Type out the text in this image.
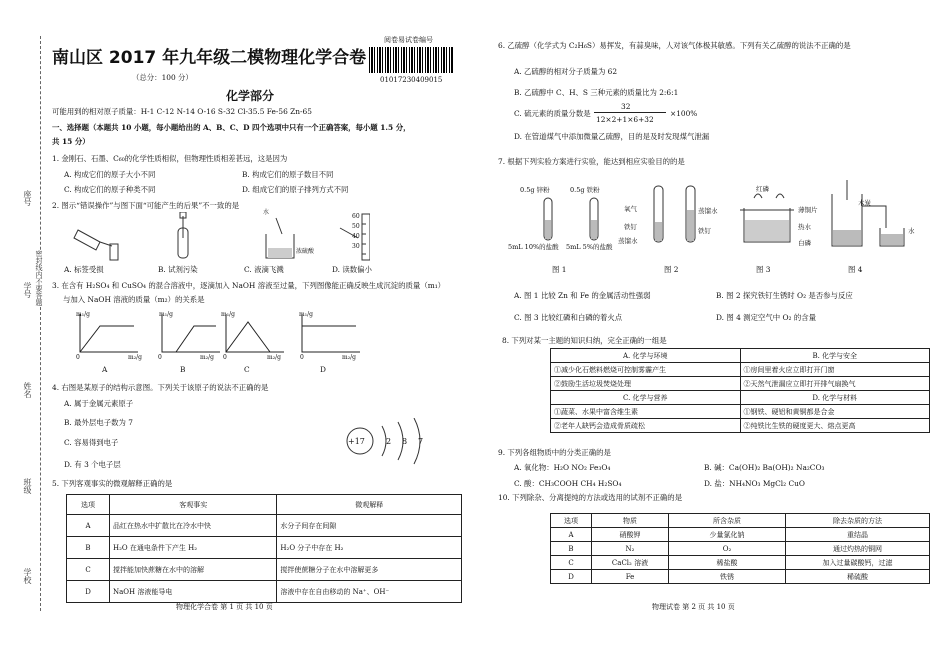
座号
学号
姓名
班级
学校
密封线内不要答题
南山区 2017 年九年级二模物理化学合卷
（总分：100 分）
阅卷易试卷编号
01017230409015
化学部分
可能用到的相对原子质量：H-1 C-12 N-14 O-16 S-32 Cl-35.5 Fe-56 Zn-65
一、选择题（本题共 10 小题，每小题给出的 A、B、C、D 四个选项中只有一个正确答案，每小题 1.5 分，
共 15 分）
1. 金刚石、石墨、C₆₀的化学性质相似，但物理性质相差甚远，这是因为
A. 构成它们的原子大小不同	B. 构成它们的原子数目不同
C. 构成它们的原子种类不同	D. 组成它们的原子排列方式不同
2. 图示“错误操作”与图下面“可能产生的后果”不一致的是
水
浓硫酸
60
50
40
30
A. 标签受损	B. 试剂污染	C. 液滴飞溅	D. 读数偏小
3. 在含有 H₂SO₄ 和 CuSO₄ 的混合溶液中，逐滴加入 NaOH 溶液至过量，下列图像能正确反映生成沉淀的质量（m₁）
与加入 NaOH 溶液的质量（m₂）的关系是
m₁/g	m₁/g	m₁/g	m₁/g
0	0	0	0
m₂/g	m₂/g	m₂/g	m₂/g
A	B	C	D
4. 右图是某原子的结构示意图。下列关于该原子的说法不正确的是
A. 属于金属元素原子
B. 最外层电子数为 7
C. 容易得到电子
D. 有 3 个电子层
+17	2 8 7
5. 下列客观事实的微观解释正确的是
选项	客观事实	微观解释
A	品红在热水中扩散比在冷水中快	水分子间存在间隙
B	H₂O 在通电条件下产生 H₂	H₂O 分子中存在 H₂
C	搅拌能加快蔗糖在水中的溶解	搅拌使蔗糖分子在水中溶解更多
D	NaOH 溶液能导电	溶液中存在自由移动的 Na⁺、OH⁻
物理化学合卷 第 1 页 共 10 页
6. 乙硫醇（化学式为 C₂H₆S）易挥发，有蒜臭味，人对该气体极其敏感。下列有关乙硫醇的说法不正确的是
A. 乙硫醇的相对分子质量为 62
B. 乙硫醇中 C、H、S 三种元素的质量比为 2:6:1
C. 硫元素的质量分数是
32
12×2+1×6+32
×100%
D. 在管道煤气中添加微量乙硫醇，目的是及时发现煤气泄漏
7. 根据下列实验方案进行实验，能达到相应实验目的的是
0.5g 锌粉	0.5g 铁粉
5mL 10%的盐酸 5mL 5%的盐酸
氧气
铁钉
蒸馏水
蒸馏水
铁钉
红磷
薄铜片
热水
白磷
木炭
水
图 1	图 2	图 3	图 4
A. 图 1 比较 Zn 和 Fe 的金属活动性强弱	B. 图 2 探究铁钉生锈时 O₂ 是否参与反应
C. 图 3 比较红磷和白磷的着火点	D. 图 4 测定空气中 O₂ 的含量
8. 下列对某一主题的知识归纳，完全正确的一组是
A. 化学与环境	B. 化学与安全
①减少化石燃料燃烧可控制雾霾产生	①房间里着火应立即打开门窗
②鼓励生活垃圾焚烧处理	②天然气泄漏应立即打开排气扇换气
C. 化学与营养	D. 化学与材料
①蔬菜、水果中富含维生素	①钢铁、硬铝和黄铜都是合金
②老年人缺钙会造成骨质疏松	②纯铁比生铁的硬度更大、熔点更高
9. 下列各组物质中的分类正确的是
A. 氧化物：H₂O NO₂ Fe₃O₄	B. 碱：Ca(OH)₂ Ba(OH)₂ Na₂CO₃
C. 酸：CH₃COOH CH₄ H₂SO₄	D. 盐：NH₄NO₃ MgCl₂ CuO
10. 下列除杂、分离提纯的方法或选用的试剂不正确的是
选项	物质	所含杂质	除去杂质的方法
A	硝酸钾	少量氯化钠	重结晶
B	N₂	O₂	通过灼热的铜网
C	CaCl₂ 溶液	稀盐酸	加入过量碳酸钙，过滤
D	Fe	铁锈	稀硫酸
物理试卷 第 2 页 共 10 页
